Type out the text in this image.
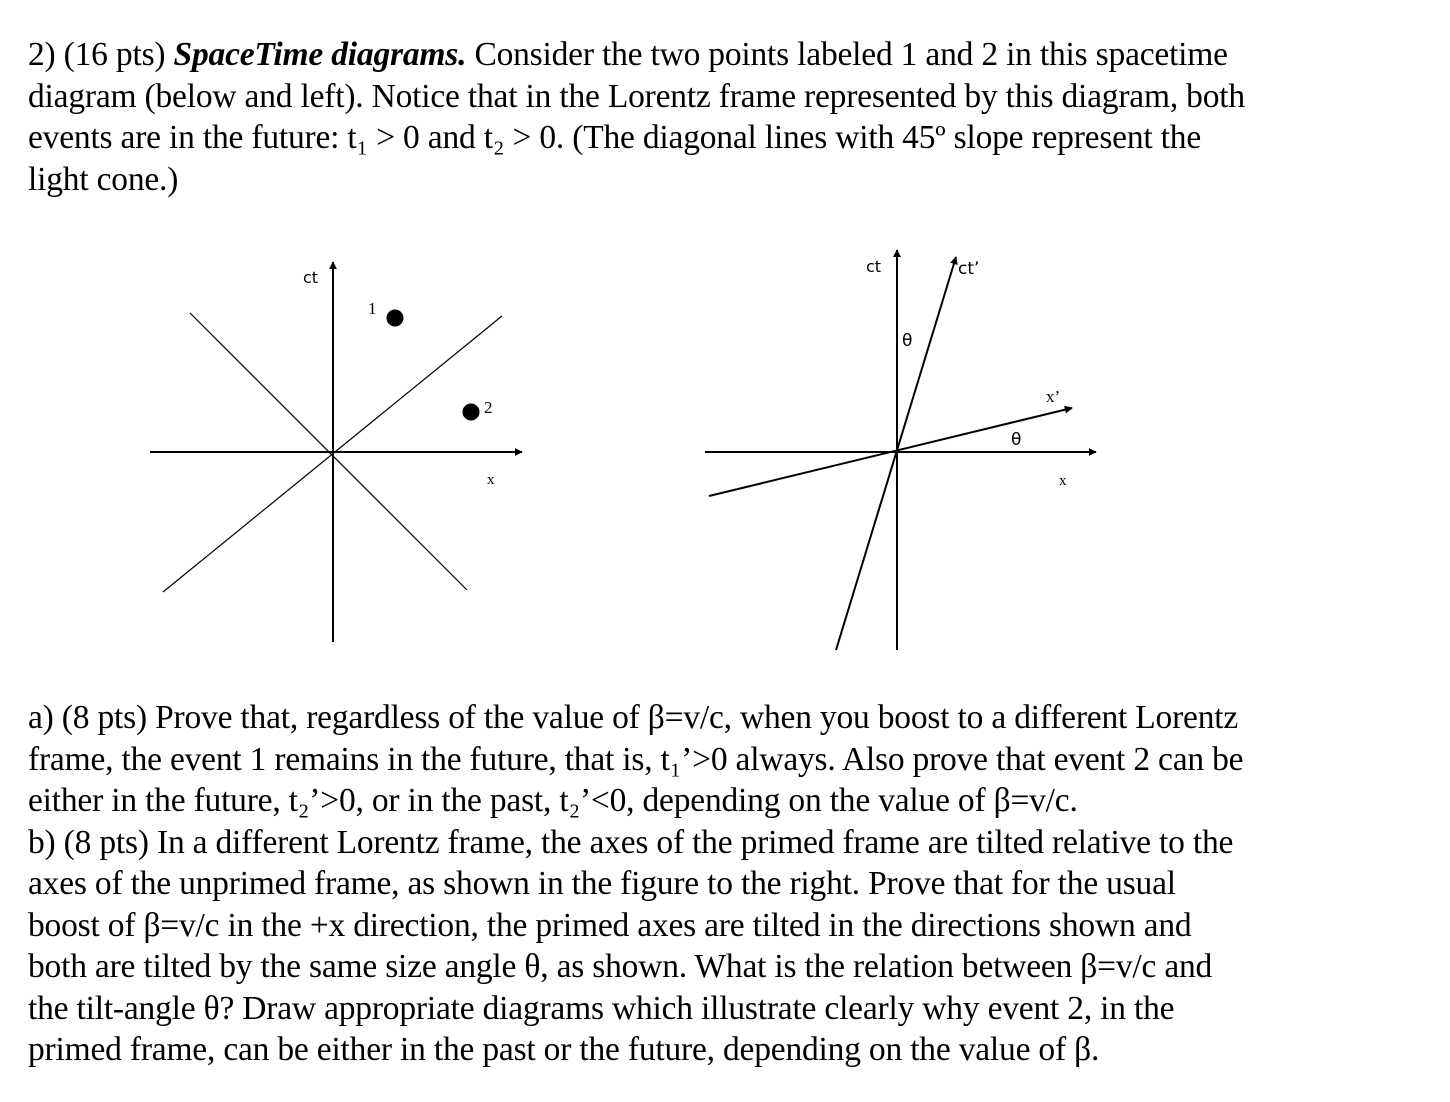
2) (16 pts) SpaceTime diagrams. Consider the two points labeled 1 and 2 in this spacetime
diagram (below and left). Notice that in the Lorentz frame represented by this diagram, both
events are in the future: t₁ > 0 and t₂ > 0. (The diagonal lines with 45º slope represent the
light cone.)
ct
x
1
2
ct	ct’
x’
x
θ
θ
a) (8 pts) Prove that, regardless of the value of β=v/c, when you boost to a different Lorentz
frame, the event 1 remains in the future, that is, t₁’>0 always. Also prove that event 2 can be
either in the future, t₂’>0, or in the past, t₂’<0, depending on the value of β=v/c.
b) (8 pts) In a different Lorentz frame, the axes of the primed frame are tilted relative to the
axes of the unprimed frame, as shown in the figure to the right. Prove that for the usual
boost of β=v/c in the +x direction, the primed axes are tilted in the directions shown and
both are tilted by the same size angle θ, as shown. What is the relation between β=v/c and
the tilt-angle θ? Draw appropriate diagrams which illustrate clearly why event 2, in the
primed frame, can be either in the past or the future, depending on the value of β.
